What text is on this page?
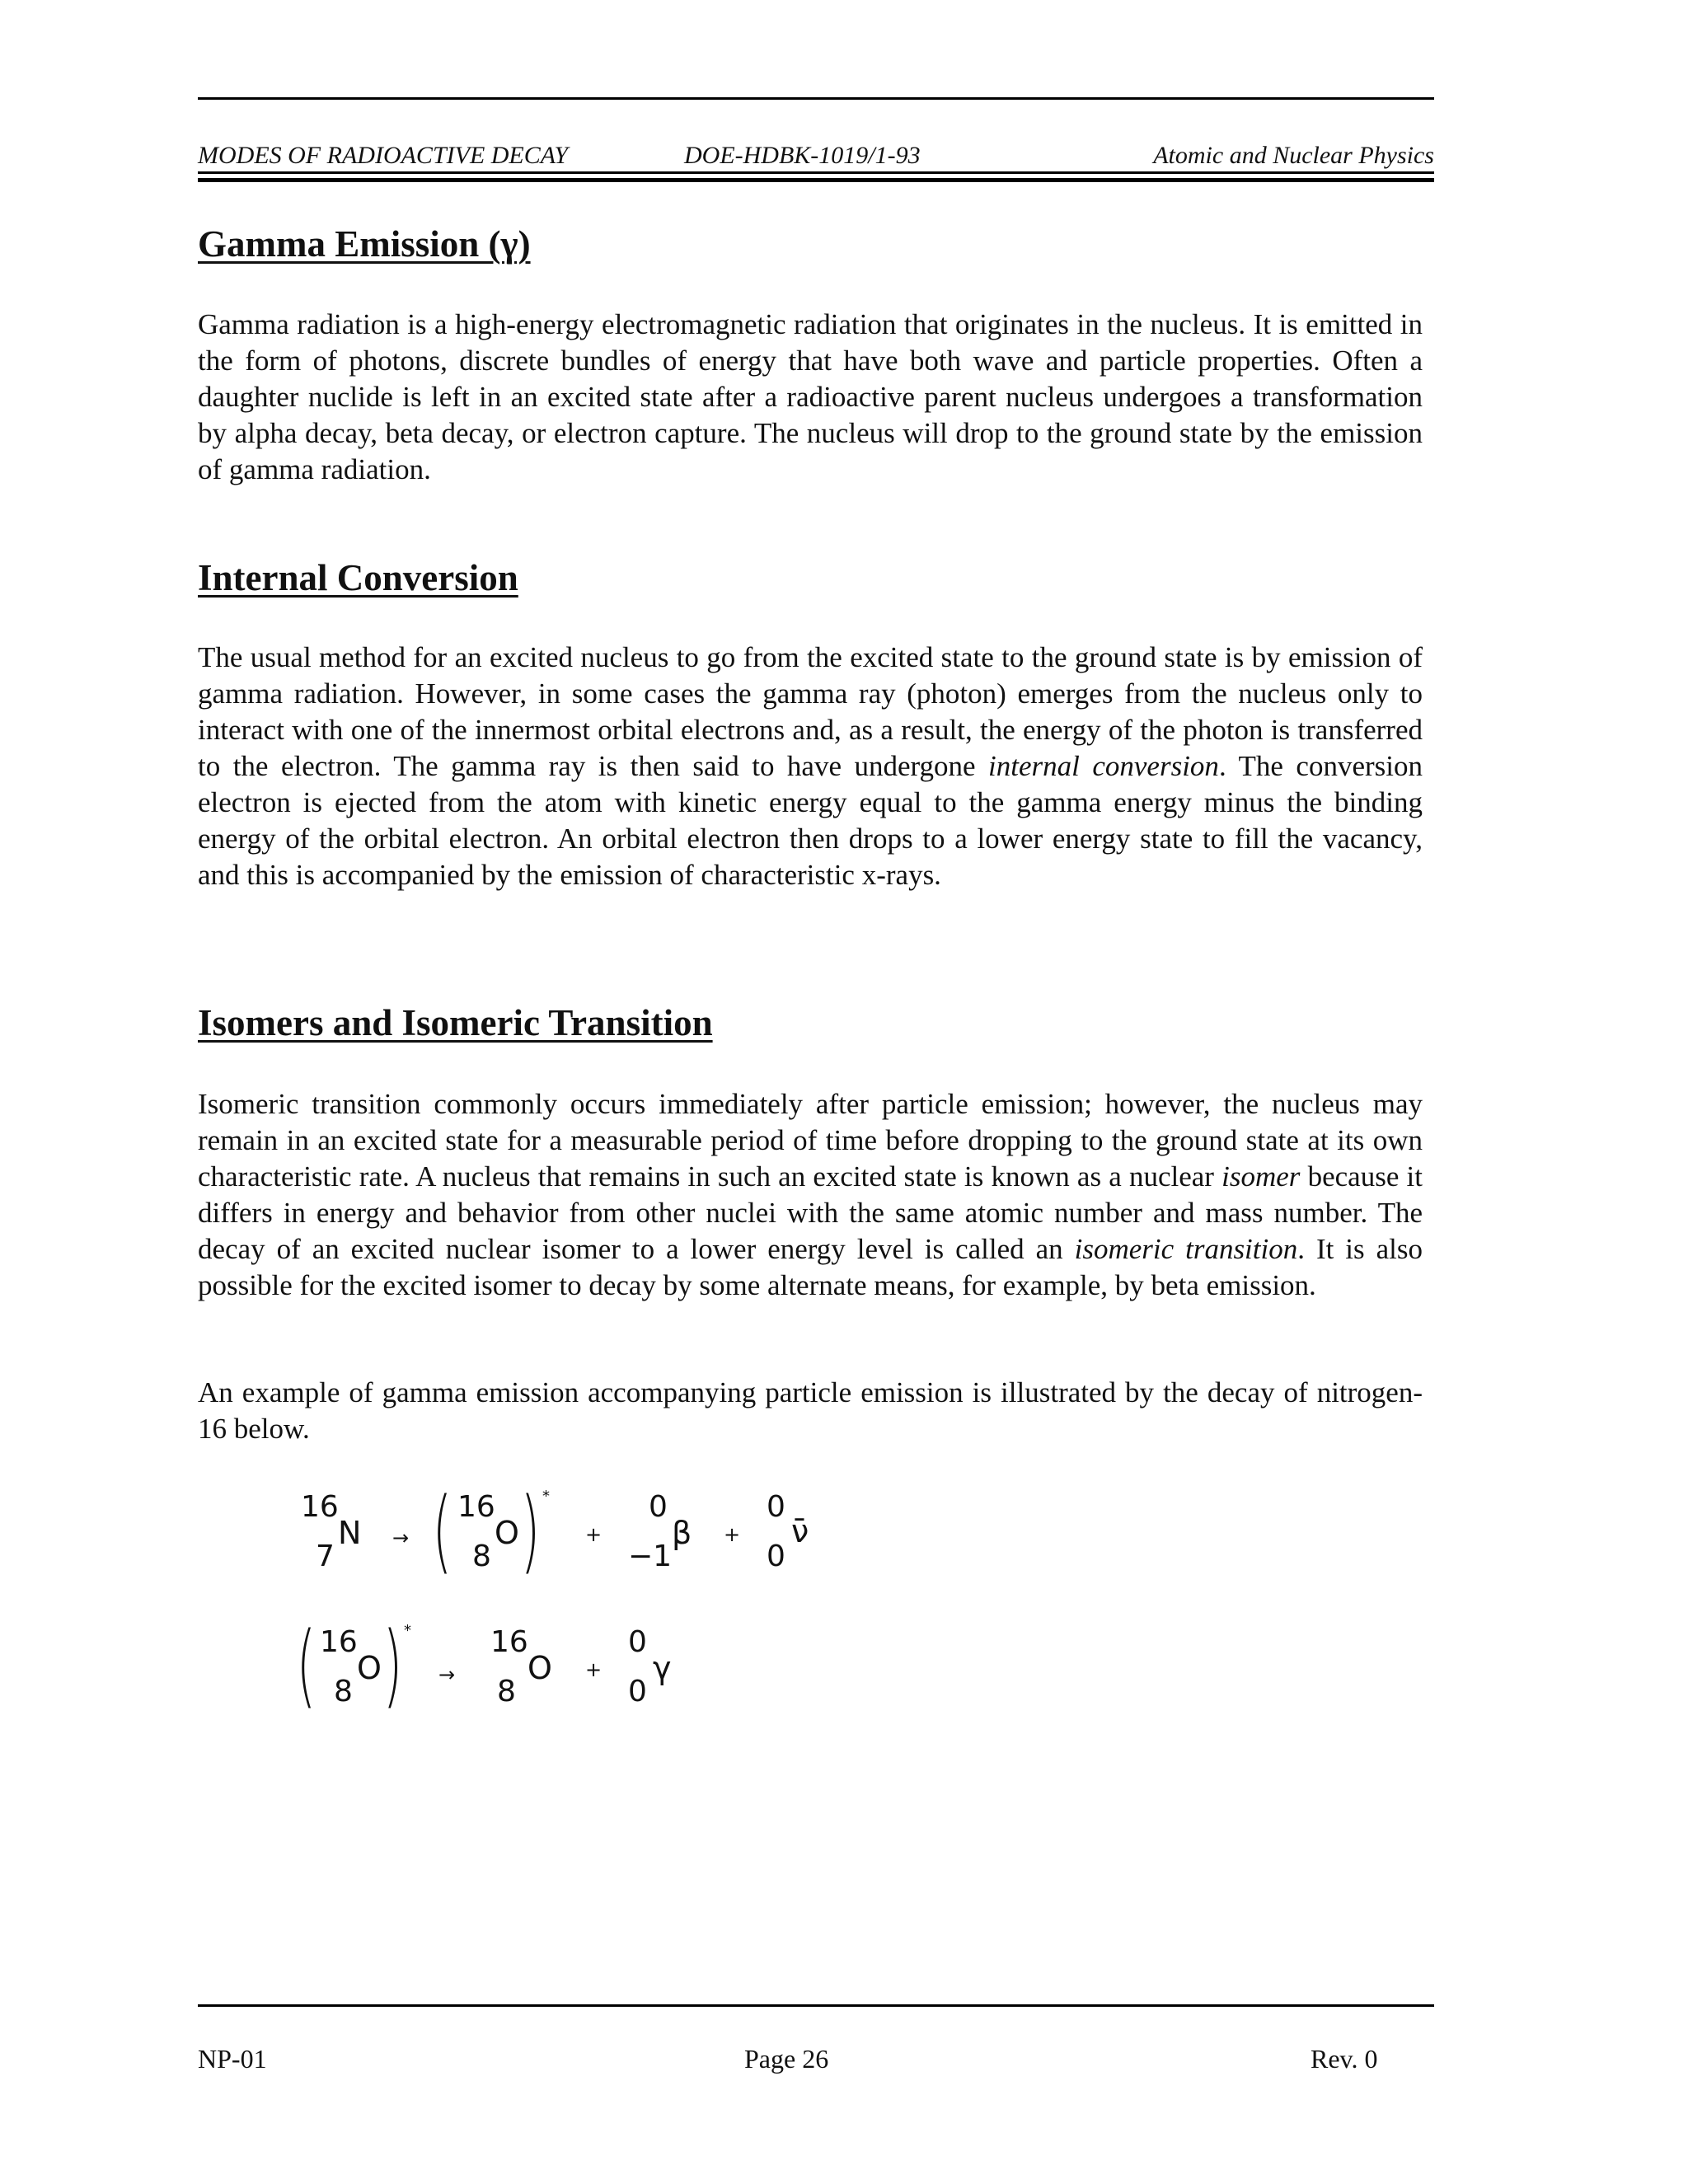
MODES OF RADIOACTIVE DECAY	DOE-HDBK-1019/1-93	Atomic and Nuclear Physics
Gamma Emission (γ)

Gamma radiation is a high-energy electromagnetic radiation that originates in the nucleus. It is emitted in the form of photons, discrete bundles of energy that have both wave and particle properties. Often a daughter nuclide is left in an excited state after a radioactive parent nucleus undergoes a transformation by alpha decay, beta decay, or electron capture. The nucleus will drop to the ground state by the emission of gamma radiation.

Internal Conversion

The usual method for an excited nucleus to go from the excited state to the ground state is by emission of gamma radiation. However, in some cases the gamma ray (photon) emerges from the nucleus only to interact with one of the innermost orbital electrons and, as a result, the energy of the photon is transferred to the electron. The gamma ray is then said to have undergone internal conversion. The conversion electron is ejected from the atom with kinetic energy equal to the gamma energy minus the binding energy of the orbital electron. An orbital electron then drops to a lower energy state to fill the vacancy, and this is accompanied by the emission of characteristic x-rays.

Isomers and Isomeric Transition

Isomeric transition commonly occurs immediately after particle emission; however, the nucleus may remain in an excited state for a measurable period of time before dropping to the ground state at its own characteristic rate. A nucleus that remains in such an excited state is known as a nuclear isomer because it differs in energy and behavior from other nuclei with the same atomic number and mass number. The decay of an excited nuclear isomer to a lower energy level is called an isomeric transition. It is also possible for the excited isomer to decay by some alternate means, for example, by beta emission.

An example of gamma emission accompanying particle emission is illustrated by the decay of nitrogen-16 below.

16
N
7
→ ( 16
O
8 ) *
+
0
β
−1
+
0
ν̄
0
( 16
O
8 ) *
→
16
O
8
+
0
γ
0
NP-01	Page 26	Rev. 0
